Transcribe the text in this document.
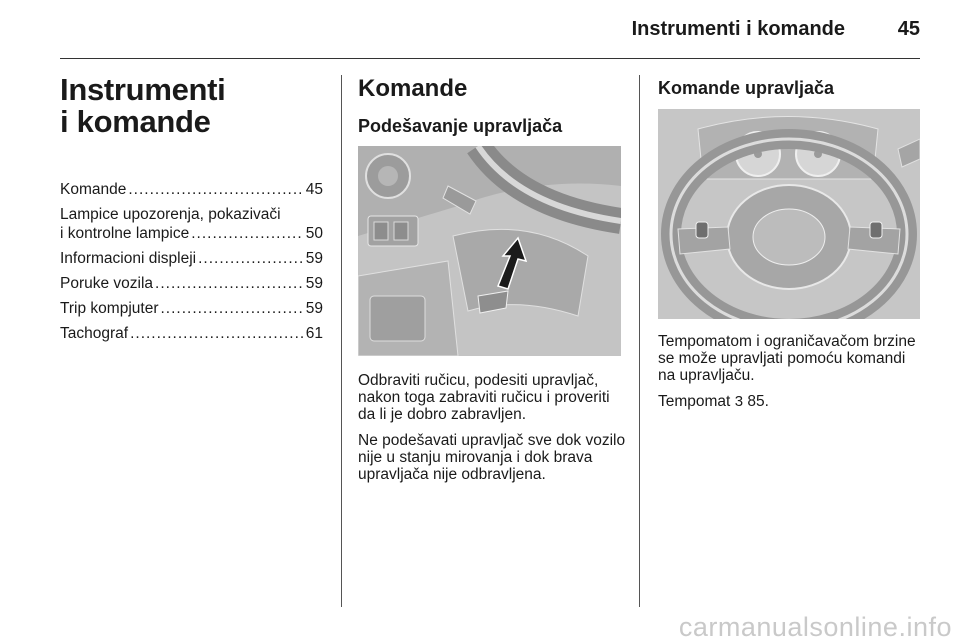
Instrumenti i komande	45
Instrumenti
i komande
Komande .....	45
Lampice upozorenja, pokazivači
i kontrolne lampice .....	50
Informacioni displeji .....	59
Poruke vozila .....	59
Trip kompjuter .....	59
Tachograf .....	61
Komande
Podešavanje upravljača

Odbraviti ručicu, podesiti upravljač, nakon toga zabraviti ručicu i proveriti da li je dobro zabravljen.

Ne podešavati upravljač sve dok vozilo nije u stanju mirovanja i dok brava upravljača nije odbravljena.

Komande upravljača

Tempomatom i ograničavačom brzine se može upravljati pomoću komandi na upravljaču.

Tempomat 3 85.

carmanualsonline.info
